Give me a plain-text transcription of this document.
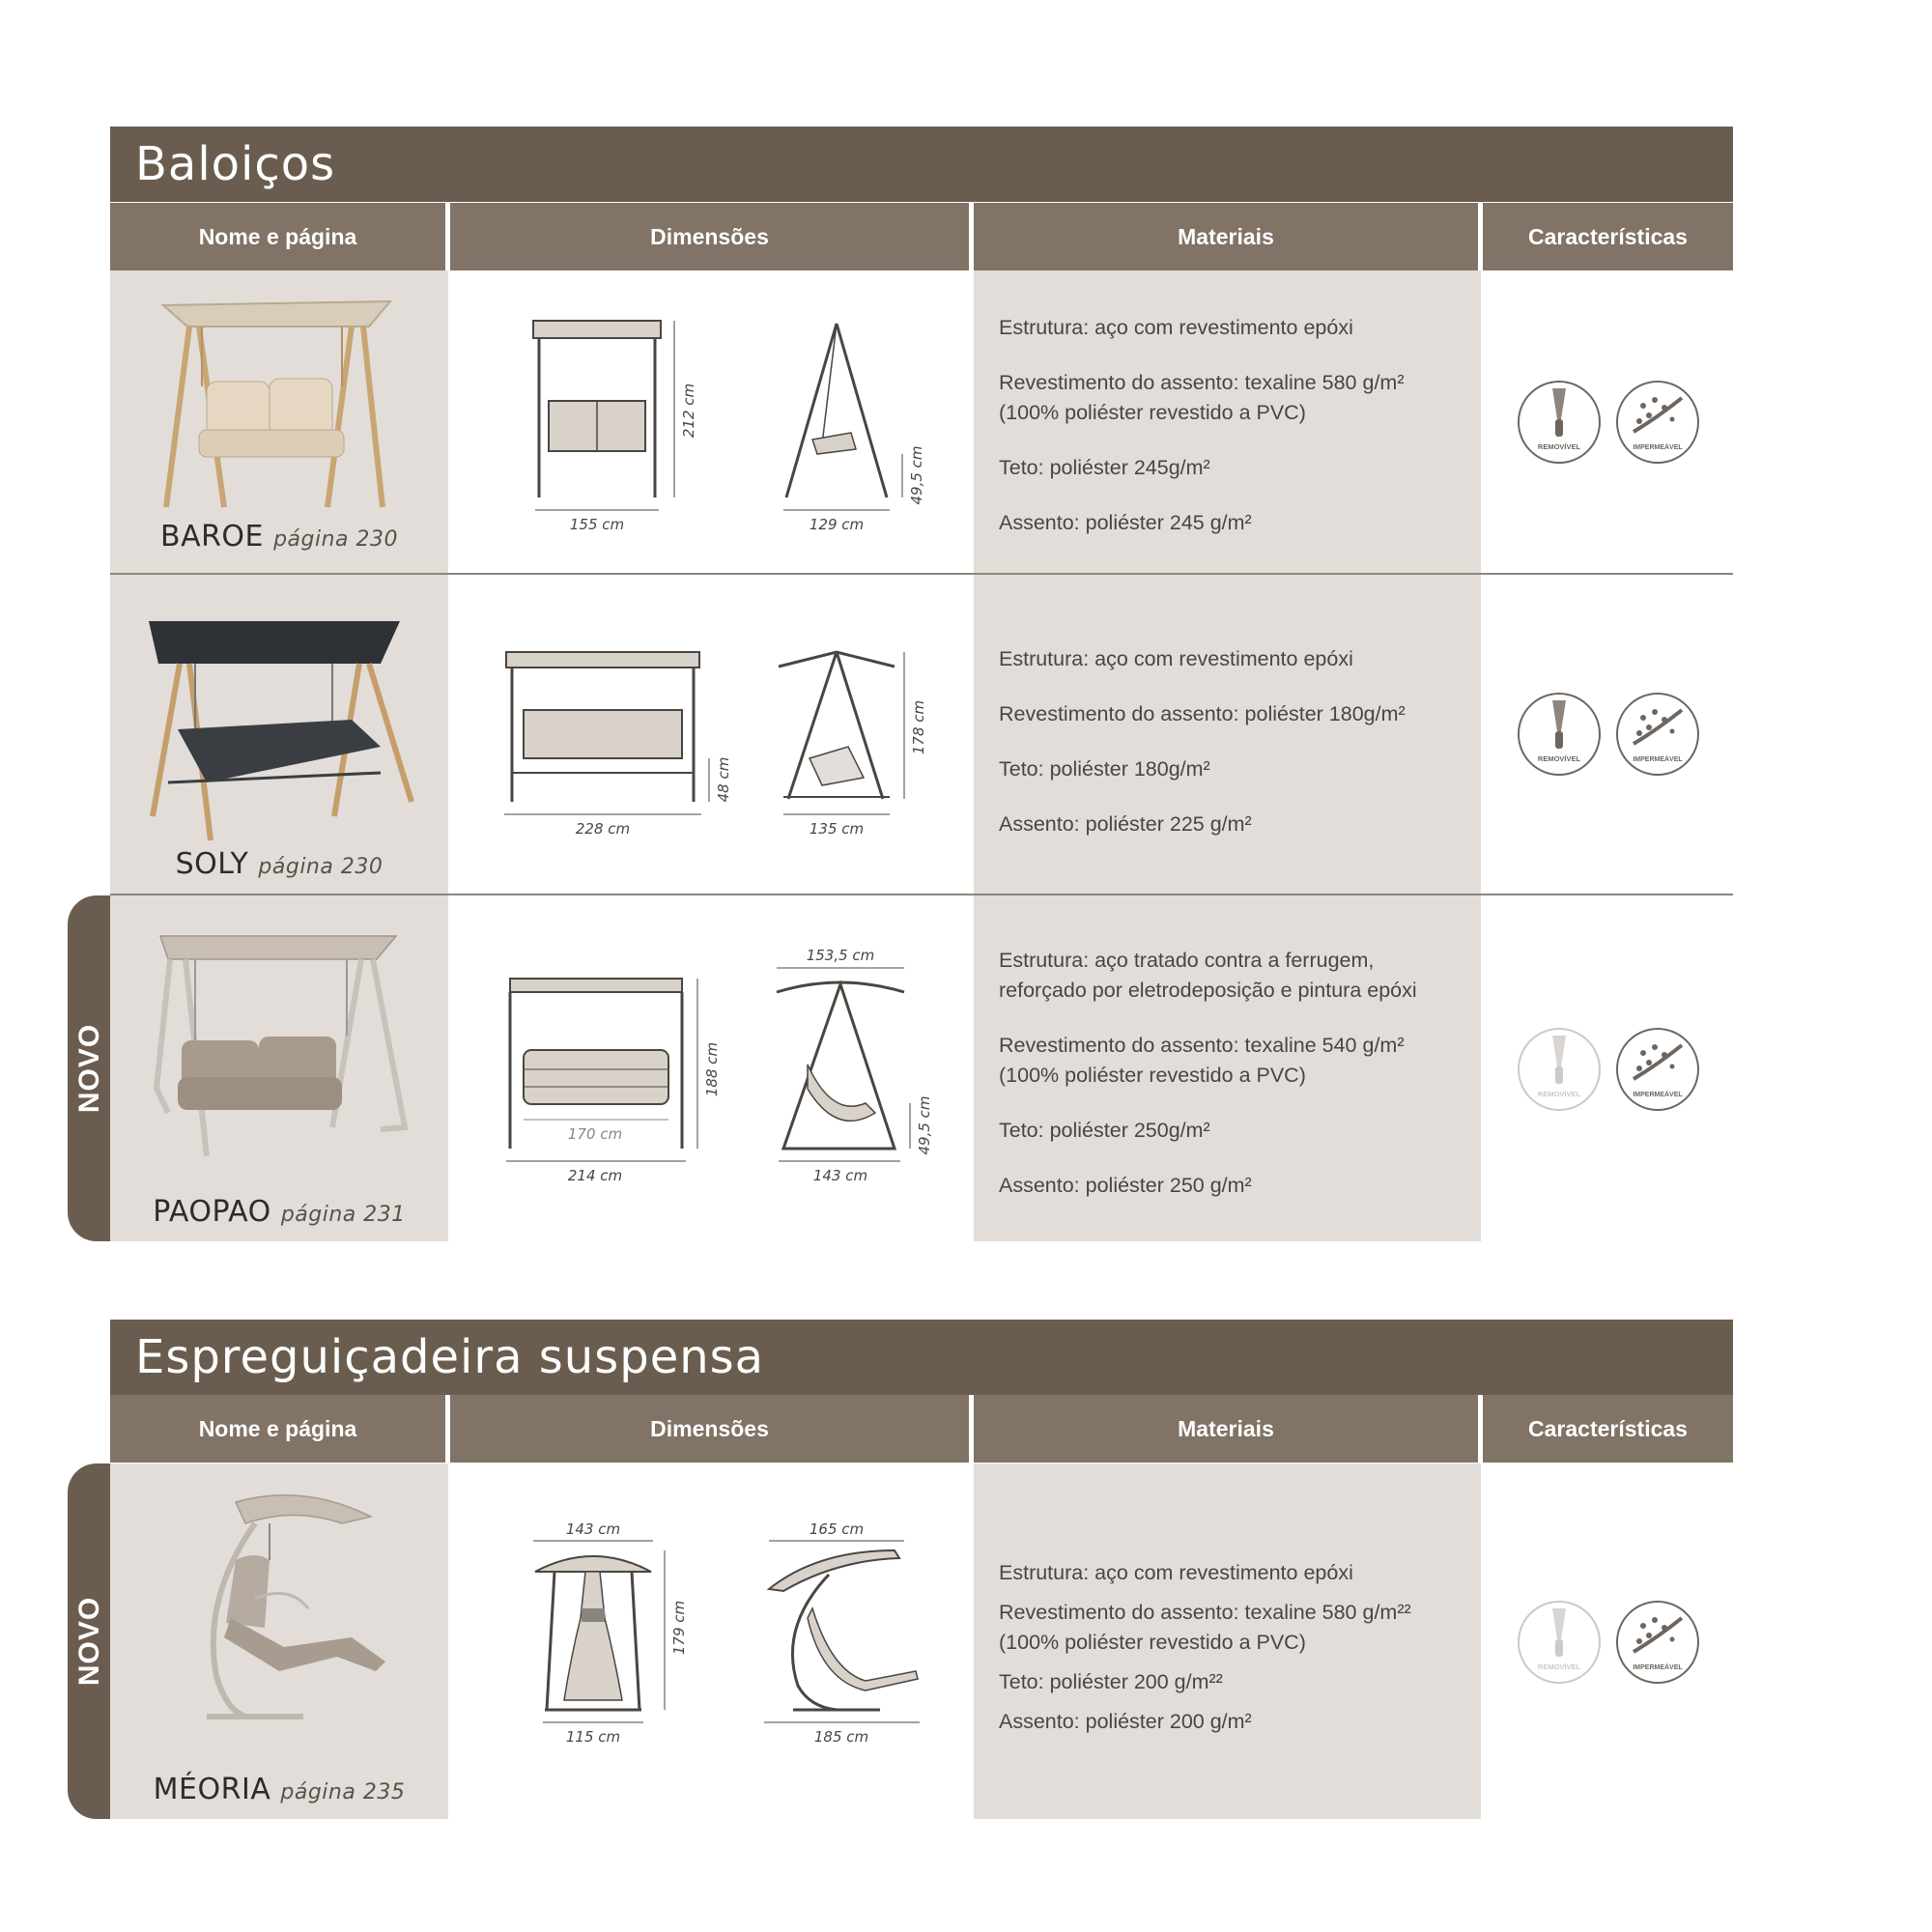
Baloiços
Nome e página	Dimensões	Materiais	Características
BAROE página 230
155 cm
212 cm
129 cm
49,5 cm

Estrutura: aço com revestimento epóxi

Revestimento do assento: texaline 580 g/m²
(100% poliéster revestido a PVC)

Teto: poliéster 245g/m²

Assento: poliéster 245 g/m²

REMOVÍVEL	IMPERMEÁVEL
SOLY página 230
228 cm
48 cm
135 cm
178 cm

Estrutura: aço com revestimento epóxi

Revestimento do assento: poliéster 180g/m²

Teto: poliéster 180g/m²

Assento: poliéster 225 g/m²

REMOVÍVEL	IMPERMEÁVEL
NOVO
PAOPAO página 231
170 cm
214 cm
188 cm
153,5 cm
143 cm
49,5 cm

Estrutura: aço tratado contra a ferrugem,
reforçado por eletrodeposição e pintura epóxi

Revestimento do assento: texaline 540 g/m²
(100% poliéster revestido a PVC)

Teto: poliéster 250g/m²

Assento: poliéster 250 g/m²

REMOVÍVEL	IMPERMEÁVEL
Espreguiçadeira suspensa
Nome e página	Dimensões	Materiais	Características
NOVO
MÉORIA página 235
143 cm
179 cm
115 cm
165 cm
185 cm

Estrutura: aço com revestimento epóxi

Revestimento do assento: texaline 580 g/m²²
(100% poliéster revestido a PVC)

Teto: poliéster 200 g/m²²

Assento: poliéster 200 g/m²

REMOVÍVEL	IMPERMEÁVEL
